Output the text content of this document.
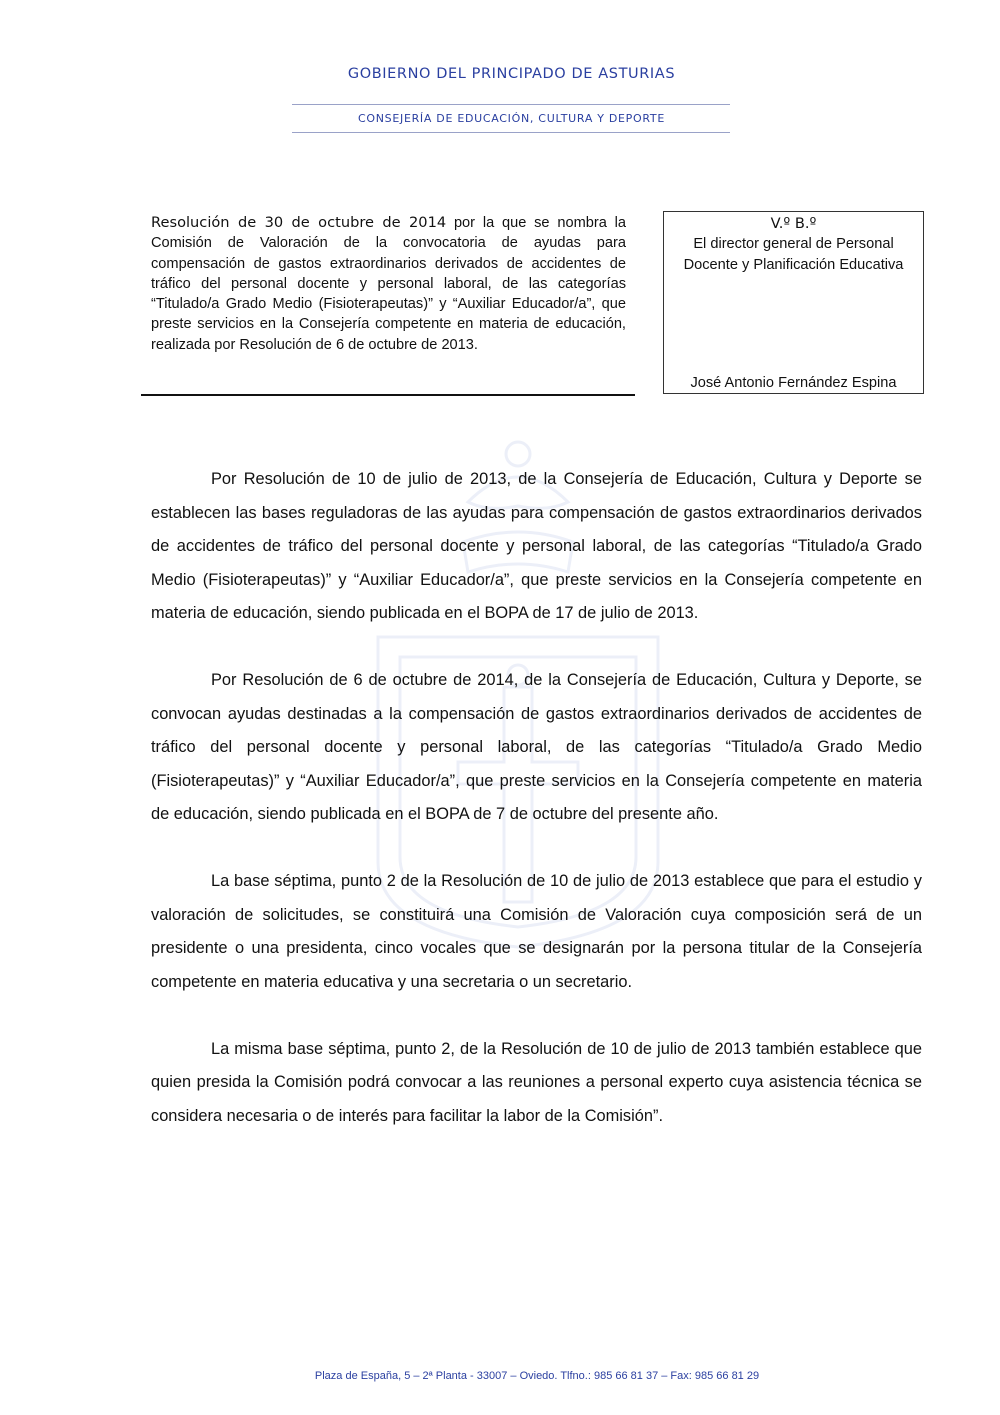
GOBIERNO DEL PRINCIPADO DE ASTURIAS
CONSEJERÍA DE EDUCACIÓN, CULTURA Y DEPORTE

Resolución de 30 de octubre de 2014 por la que se nombra la Comisión de Valoración de la convocatoria de ayudas para compensación de gastos extraordinarios derivados de accidentes de tráfico del personal docente y personal laboral, de las categorías “Titulado/a Grado Medio (Fisioterapeutas)” y “Auxiliar Educador/a”, que preste servicios en la Consejería competente en materia de educación, realizada por Resolución de 6 de octubre de 2013.

V.º B.º

El director general de Personal Docente y Planificación Educativa

José Antonio Fernández Espina

Por Resolución de 10 de julio de 2013, de la Consejería de Educación, Cultura y Deporte se establecen las bases reguladoras de las ayudas para compensación de gastos extraordinarios derivados de accidentes de tráfico del personal docente y personal laboral, de las categorías “Titulado/a Grado Medio (Fisioterapeutas)” y “Auxiliar Educador/a”, que preste servicios en la Consejería competente en materia de educación, siendo publicada en el BOPA de 17 de julio de 2013.

Por Resolución de 6 de octubre de 2014, de la Consejería de Educación, Cultura y Deporte, se convocan ayudas destinadas a la compensación de gastos extraordinarios derivados de accidentes de tráfico del personal docente y personal laboral, de las categorías “Titulado/a Grado Medio (Fisioterapeutas)” y “Auxiliar Educador/a”, que preste servicios en la Consejería competente en materia de educación, siendo publicada en el BOPA de 7 de octubre del presente año.

La base séptima, punto 2 de la Resolución de 10 de julio de 2013 establece que para el estudio y valoración de solicitudes, se constituirá una Comisión de Valoración cuya composición será de un presidente o una presidenta, cinco vocales que se designarán por la persona titular de la Consejería competente en materia educativa y una secretaria o un secretario.

La misma base séptima, punto 2, de la Resolución de 10 de julio de 2013 también establece que quien presida la Comisión podrá convocar a las reuniones a personal experto cuya asistencia técnica se considera necesaria o de interés para facilitar la labor de la Comisión”.

Plaza de España, 5 – 2ª Planta - 33007 – Oviedo. Tlfno.: 985 66 81 37 – Fax: 985 66 81 29
